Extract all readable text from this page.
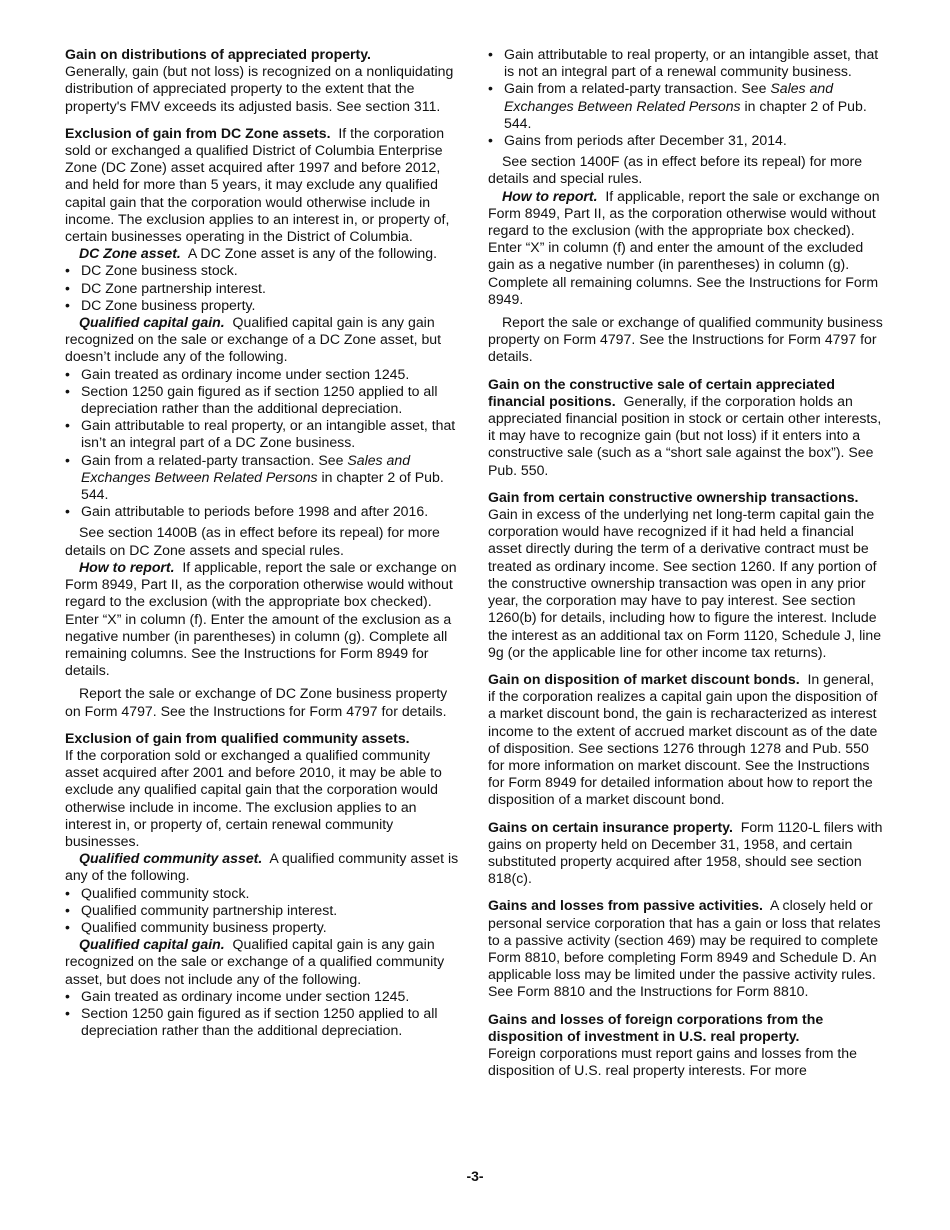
Gain on distributions of appreciated property.
Generally, gain (but not loss) is recognized on a nonliquidating distribution of appreciated property to the extent that the property's FMV exceeds its adjusted basis. See section 311.

Exclusion of gain from DC Zone assets. If the corporation sold or exchanged a qualified District of Columbia Enterprise Zone (DC Zone) asset acquired after 1997 and before 2012, and held for more than 5 years, it may exclude any qualified capital gain that the corporation would otherwise include in income. The exclusion applies to an interest in, or property of, certain businesses operating in the District of Columbia.

DC Zone asset. A DC Zone asset is any of the following.

• DC Zone business stock.

• DC Zone partnership interest.

• DC Zone business property.

Qualified capital gain. Qualified capital gain is any gain recognized on the sale or exchange of a DC Zone asset, but doesn’t include any of the following.

• Gain treated as ordinary income under section 1245.

• Section 1250 gain figured as if section 1250 applied to all depreciation rather than the additional depreciation.

• Gain attributable to real property, or an intangible asset, that isn’t an integral part of a DC Zone business.

• Gain from a related-party transaction. See Sales and Exchanges Between Related Persons in chapter 2 of Pub. 544.

• Gain attributable to periods before 1998 and after 2016.

See section 1400B (as in effect before its repeal) for more details on DC Zone assets and special rules.

How to report. If applicable, report the sale or exchange on Form 8949, Part II, as the corporation otherwise would without regard to the exclusion (with the appropriate box checked). Enter “X” in column (f). Enter the amount of the exclusion as a negative number (in parentheses) in column (g). Complete all remaining columns. See the Instructions for Form 8949 for details.

Report the sale or exchange of DC Zone business property on Form 4797. See the Instructions for Form 4797 for details.

Exclusion of gain from qualified community assets.
If the corporation sold or exchanged a qualified community asset acquired after 2001 and before 2010, it may be able to exclude any qualified capital gain that the corporation would otherwise include in income. The exclusion applies to an interest in, or property of, certain renewal community businesses.

Qualified community asset. A qualified community asset is any of the following.

• Qualified community stock.

• Qualified community partnership interest.

• Qualified community business property.

Qualified capital gain. Qualified capital gain is any gain recognized on the sale or exchange of a qualified community asset, but does not include any of the following.

• Gain treated as ordinary income under section 1245.

• Section 1250 gain figured as if section 1250 applied to all depreciation rather than the additional depreciation.

• Gain attributable to real property, or an intangible asset, that is not an integral part of a renewal community business.

• Gain from a related-party transaction. See Sales and Exchanges Between Related Persons in chapter 2 of Pub. 544.

• Gains from periods after December 31, 2014.

See section 1400F (as in effect before its repeal) for more details and special rules.

How to report. If applicable, report the sale or exchange on Form 8949, Part II, as the corporation otherwise would without regard to the exclusion (with the appropriate box checked). Enter “X” in column (f) and enter the amount of the excluded gain as a negative number (in parentheses) in column (g). Complete all remaining columns. See the Instructions for Form 8949.

Report the sale or exchange of qualified community business property on Form 4797. See the Instructions for Form 4797 for details.

Gain on the constructive sale of certain appreciated financial positions. Generally, if the corporation holds an appreciated financial position in stock or certain other interests, it may have to recognize gain (but not loss) if it enters into a constructive sale (such as a “short sale against the box”). See Pub. 550.

Gain from certain constructive ownership transactions.  Gain in excess of the underlying net long-term capital gain the corporation would have recognized if it had held a financial asset directly during the term of a derivative contract must be treated as ordinary income. See section 1260. If any portion of the constructive ownership transaction was open in any prior year, the corporation may have to pay interest. See section 1260(b) for details, including how to figure the interest. Include the interest as an additional tax on Form 1120, Schedule J, line 9g (or the applicable line for other income tax returns).

Gain on disposition of market discount bonds. In general, if the corporation realizes a capital gain upon the disposition of a market discount bond, the gain is recharacterized as interest income to the extent of accrued market discount as of the date of disposition. See sections 1276 through 1278 and Pub. 550 for more information on market discount. See the Instructions for Form 8949 for detailed information about how to report the disposition of a market discount bond.

Gains on certain insurance property. Form 1120-L filers with gains on property held on December 31, 1958, and certain substituted property acquired after 1958, should see section 818(c).

Gains and losses from passive activities. A closely held or personal service corporation that has a gain or loss that relates to a passive activity (section 469) may be required to complete Form 8810, before completing Form 8949 and Schedule D. An applicable loss may be limited under the passive activity rules. See Form 8810 and the Instructions for Form 8810.

Gains and losses of foreign corporations from the disposition of investment in U.S. real property.
Foreign corporations must report gains and losses from the disposition of U.S. real property interests. For more

-3-
